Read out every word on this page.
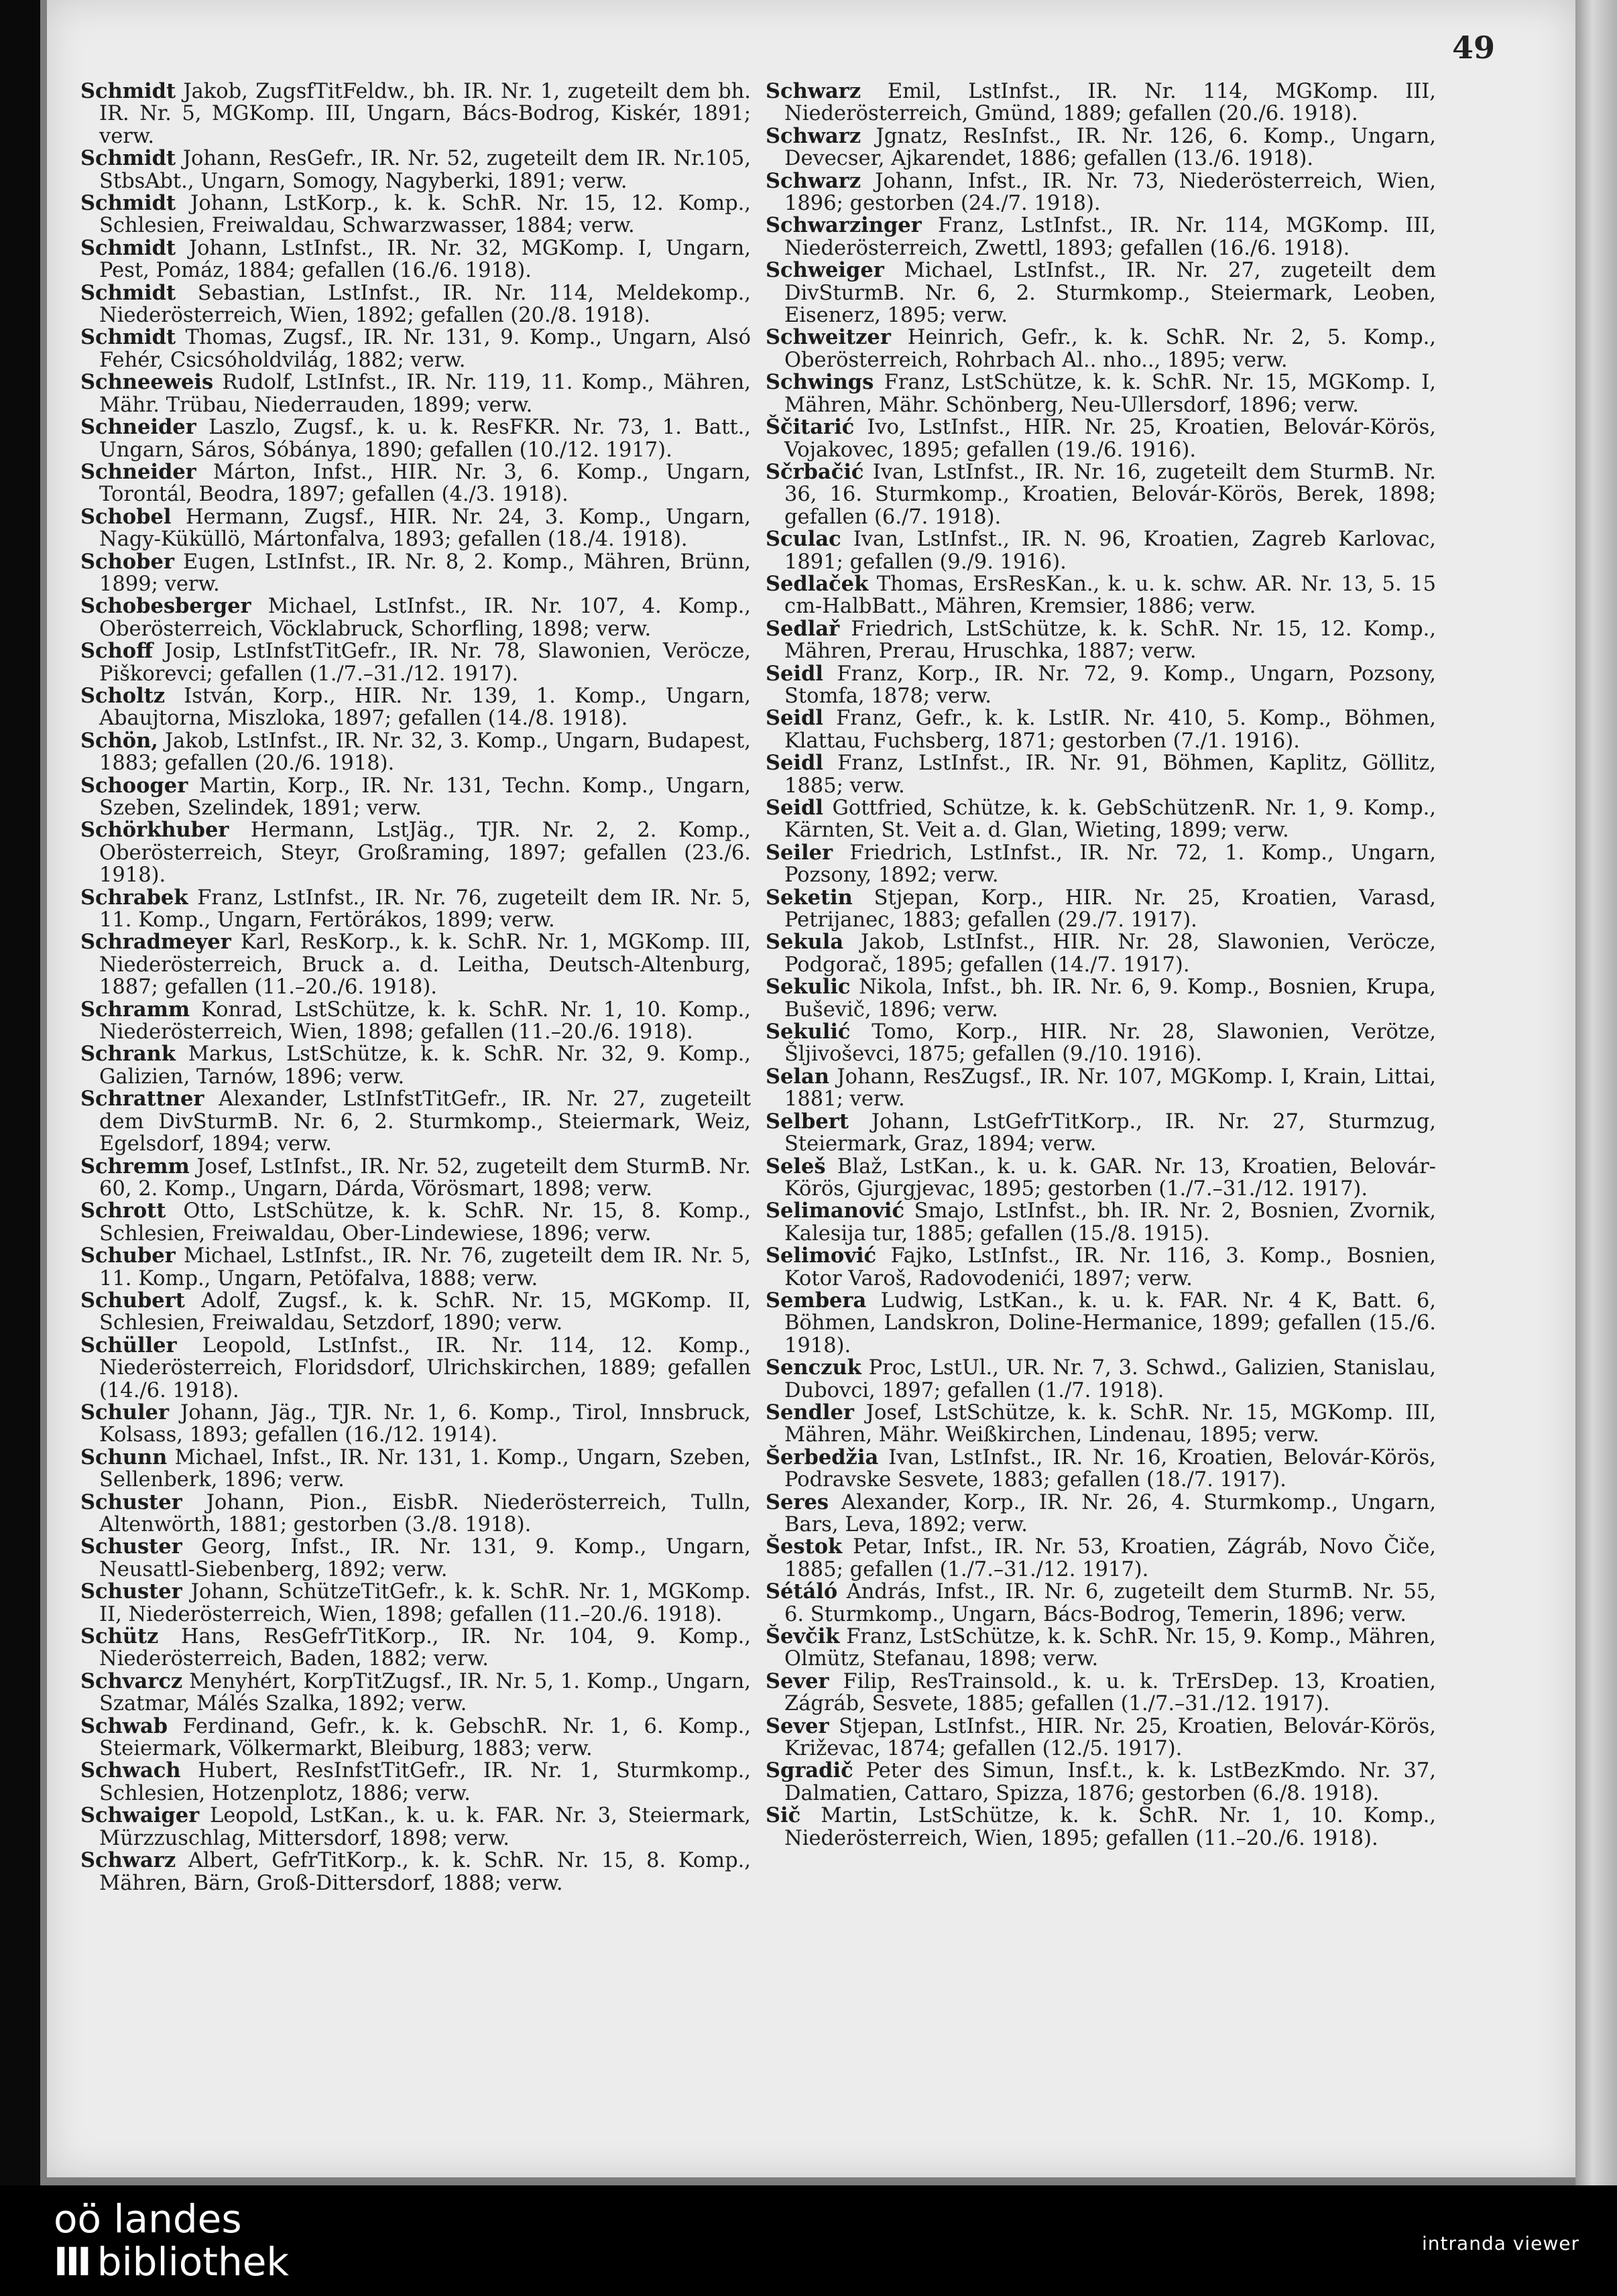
49

Schmidt Jakob, ZugsfTitFeldw., bh. IR. Nr. 1, zugeteilt dem bh. IR. Nr. 5, MGKomp. III, Ungarn, Bács-Bodrog, Kiskér, 1891; verw.

Schmidt Johann, ResGefr., IR. Nr. 52, zugeteilt dem IR. Nr.105, StbsAbt., Ungarn, Somogy, Nagyberki, 1891; verw.

Schmidt Johann, LstKorp., k. k. SchR. Nr. 15, 12. Komp., Schlesien, Freiwaldau, Schwarzwasser, 1884; verw.

Schmidt Johann, LstInfst., IR. Nr. 32, MGKomp. I, Ungarn, Pest, Pomáz, 1884; gefallen (16./6. 1918).

Schmidt Sebastian, LstInfst., IR. Nr. 114, Meldekomp., Niederösterreich, Wien, 1892; gefallen (20./8. 1918).

Schmidt Thomas, Zugsf., IR. Nr. 131, 9. Komp., Ungarn, Alsó Fehér, Csicsóholdvilág, 1882; verw.

Schneeweis Rudolf, LstInfst., IR. Nr. 119, 11. Komp., Mähren, Mähr. Trübau, Niederrauden, 1899; verw.

Schneider Laszlo, Zugsf., k. u. k. ResFKR. Nr. 73, 1. Batt., Ungarn, Sáros, Sóbánya, 1890; gefallen (10./12. 1917).

Schneider Márton, Infst., HIR. Nr. 3, 6. Komp., Ungarn, Torontál, Beodra, 1897; gefallen (4./3. 1918).

Schobel Hermann, Zugsf., HIR. Nr. 24, 3. Komp., Ungarn, Nagy-Küküllö, Mártonfalva, 1893; gefallen (18./4. 1918).

Schober Eugen, LstInfst., IR. Nr. 8, 2. Komp., Mähren, Brünn, 1899; verw.

Schobesberger Michael, LstInfst., IR. Nr. 107, 4. Komp., Oberösterreich, Vöcklabruck, Schorfling, 1898; verw.

Schoff Josip, LstInfstTitGefr., IR. Nr. 78, Slawonien, Veröcze, Piškorevci; gefallen (1./7.–31./12. 1917).

Scholtz István, Korp., HIR. Nr. 139, 1. Komp., Ungarn, Abaujtorna, Miszloka, 1897; gefallen (14./8. 1918).

Schön, Jakob, LstInfst., IR. Nr. 32, 3. Komp., Ungarn, Budapest, 1883; gefallen (20./6. 1918).

Schooger Martin, Korp., IR. Nr. 131, Techn. Komp., Ungarn, Szeben, Szelindek, 1891; verw.

Schörkhuber Hermann, LstJäg., TJR. Nr. 2, 2. Komp., Oberösterreich, Steyr, Großraming, 1897; gefallen (23./6. 1918).

Schrabek Franz, LstInfst., IR. Nr. 76, zugeteilt dem IR. Nr. 5, 11. Komp., Ungarn, Fertörákos, 1899; verw.

Schradmeyer Karl, ResKorp., k. k. SchR. Nr. 1, MGKomp. III, Niederösterreich, Bruck a. d. Leitha, Deutsch-Altenburg, 1887; gefallen (11.–20./6. 1918).

Schramm Konrad, LstSchütze, k. k. SchR. Nr. 1, 10. Komp., Niederösterreich, Wien, 1898; gefallen (11.–20./6. 1918).

Schrank Markus, LstSchütze, k. k. SchR. Nr. 32, 9. Komp., Galizien, Tarnów, 1896; verw.

Schrattner Alexander, LstInfstTitGefr., IR. Nr. 27, zugeteilt dem DivSturmB. Nr. 6, 2. Sturmkomp., Steiermark, Weiz, Egelsdorf, 1894; verw.

Schremm Josef, LstInfst., IR. Nr. 52, zugeteilt dem SturmB. Nr. 60, 2. Komp., Ungarn, Dárda, Vörösmart, 1898; verw.

Schrott Otto, LstSchütze, k. k. SchR. Nr. 15, 8. Komp., Schlesien, Freiwaldau, Ober-Lindewiese, 1896; verw.

Schuber Michael, LstInfst., IR. Nr. 76, zugeteilt dem IR. Nr. 5, 11. Komp., Ungarn, Petöfalva, 1888; verw.

Schubert Adolf, Zugsf., k. k. SchR. Nr. 15, MGKomp. II, Schlesien, Freiwaldau, Setzdorf, 1890; verw.

Schüller Leopold, LstInfst., IR. Nr. 114, 12. Komp., Niederösterreich, Floridsdorf, Ulrichskirchen, 1889; gefallen (14./6. 1918).

Schuler Johann, Jäg., TJR. Nr. 1, 6. Komp., Tirol, Innsbruck, Kolsass, 1893; gefallen (16./12. 1914).

Schunn Michael, Infst., IR. Nr. 131, 1. Komp., Ungarn, Szeben, Sellenberk, 1896; verw.

Schuster Johann, Pion., EisbR. Niederösterreich, Tulln, Altenwörth, 1881; gestorben (3./8. 1918).

Schuster Georg, Infst., IR. Nr. 131, 9. Komp., Ungarn, Neusattl-Siebenberg, 1892; verw.

Schuster Johann, SchützeTitGefr., k. k. SchR. Nr. 1, MGKomp. II, Niederösterreich, Wien, 1898; gefallen (11.–20./6. 1918).

Schütz Hans, ResGefrTitKorp., IR. Nr. 104, 9. Komp., Niederösterreich, Baden, 1882; verw.

Schvarcz Menyhért, KorpTitZugsf., IR. Nr. 5, 1. Komp., Ungarn, Szatmar, Málés Szalka, 1892; verw.

Schwab Ferdinand, Gefr., k. k. GebschR. Nr. 1, 6. Komp., Steiermark, Völkermarkt, Bleiburg, 1883; verw.

Schwach Hubert, ResInfstTitGefr., IR. Nr. 1, Sturmkomp., Schlesien, Hotzenplotz, 1886; verw.

Schwaiger Leopold, LstKan., k. u. k. FAR. Nr. 3, Steiermark, Mürzzuschlag, Mittersdorf, 1898; verw.

Schwarz Albert, GefrTitKorp., k. k. SchR. Nr. 15, 8. Komp., Mähren, Bärn, Groß-Dittersdorf, 1888; verw.

Schwarz Emil, LstInfst., IR. Nr. 114, MGKomp. III, Niederösterreich, Gmünd, 1889; gefallen (20./6. 1918).

Schwarz Jgnatz, ResInfst., IR. Nr. 126, 6. Komp., Ungarn, Devecser, Ajkarendet, 1886; gefallen (13./6. 1918).

Schwarz Johann, Infst., IR. Nr. 73, Niederösterreich, Wien, 1896; gestorben (24./7. 1918).

Schwarzinger Franz, LstInfst., IR. Nr. 114, MGKomp. III, Niederösterreich, Zwettl, 1893; gefallen (16./6. 1918).

Schweiger Michael, LstInfst., IR. Nr. 27, zugeteilt dem DivSturmB. Nr. 6, 2. Sturmkomp., Steiermark, Leoben, Eisenerz, 1895; verw.

Schweitzer Heinrich, Gefr., k. k. SchR. Nr. 2, 5. Komp., Oberösterreich, Rohrbach Al.. nho.., 1895; verw.

Schwings Franz, LstSchütze, k. k. SchR. Nr. 15, MGKomp. I, Mähren, Mähr. Schönberg, Neu-Ullersdorf, 1896; verw.

Ščitarić Ivo, LstInfst., HIR. Nr. 25, Kroatien, Belovár-Körös, Vojakovec, 1895; gefallen (19./6. 1916).

Sčrbačić Ivan, LstInfst., IR. Nr. 16, zugeteilt dem SturmB. Nr. 36, 16. Sturmkomp., Kroatien, Belovár-Körös, Berek, 1898; gefallen (6./7. 1918).

Sculac Ivan, LstInfst., IR. N. 96, Kroatien, Zagreb Karlovac, 1891; gefallen (9./9. 1916).

Sedlaček Thomas, ErsResKan., k. u. k. schw. AR. Nr. 13, 5. 15 cm-HalbBatt., Mähren, Kremsier, 1886; verw.

Sedlař Friedrich, LstSchütze, k. k. SchR. Nr. 15, 12. Komp., Mähren, Prerau, Hruschka, 1887; verw.

Seidl Franz, Korp., IR. Nr. 72, 9. Komp., Ungarn, Pozsony, Stomfa, 1878; verw.

Seidl Franz, Gefr., k. k. LstIR. Nr. 410, 5. Komp., Böhmen, Klattau, Fuchsberg, 1871; gestorben (7./1. 1916).

Seidl Franz, LstInfst., IR. Nr. 91, Böhmen, Kaplitz, Göllitz, 1885; verw.

Seidl Gottfried, Schütze, k. k. GebSchützenR. Nr. 1, 9. Komp., Kärnten, St. Veit a. d. Glan, Wieting, 1899; verw.

Seiler Friedrich, LstInfst., IR. Nr. 72, 1. Komp., Ungarn, Pozsony, 1892; verw.

Seketin Stjepan, Korp., HIR. Nr. 25, Kroatien, Varasd, Petrijanec, 1883; gefallen (29./7. 1917).

Sekula Jakob, LstInfst., HIR. Nr. 28, Slawonien, Veröcze, Podgorač, 1895; gefallen (14./7. 1917).

Sekulic Nikola, Infst., bh. IR. Nr. 6, 9. Komp., Bosnien, Krupa, Buševič, 1896; verw.

Sekulić Tomo, Korp., HIR. Nr. 28, Slawonien, Verötze, Šljivoševci, 1875; gefallen (9./10. 1916).

Selan Johann, ResZugsf., IR. Nr. 107, MGKomp. I, Krain, Littai, 1881; verw.

Selbert Johann, LstGefrTitKorp., IR. Nr. 27, Sturmzug, Steiermark, Graz, 1894; verw.

Seleš Blaž, LstKan., k. u. k. GAR. Nr. 13, Kroatien, Belovár-Körös, Gjurgjevac, 1895; gestorben (1./7.–31./12. 1917).

Selimanović Smajo, LstInfst., bh. IR. Nr. 2, Bosnien, Zvornik, Kalesija tur, 1885; gefallen (15./8. 1915).

Selimović Fajko, LstInfst., IR. Nr. 116, 3. Komp., Bosnien, Kotor Varoš, Radovodenići, 1897; verw.

Sembera Ludwig, LstKan., k. u. k. FAR. Nr. 4 K, Batt. 6, Böhmen, Landskron, Doline-Hermanice, 1899; gefallen (15./6. 1918).

Senczuk Proc, LstUl., UR. Nr. 7, 3. Schwd., Galizien, Stanislau, Dubovci, 1897; gefallen (1./7. 1918).

Sendler Josef, LstSchütze, k. k. SchR. Nr. 15, MGKomp. III, Mähren, Mähr. Weißkirchen, Lindenau, 1895; verw.

Šerbedžia Ivan, LstInfst., IR. Nr. 16, Kroatien, Belovár-Körös, Podravske Sesvete, 1883; gefallen (18./7. 1917).

Seres Alexander, Korp., IR. Nr. 26, 4. Sturmkomp., Ungarn, Bars, Leva, 1892; verw.

Šestok Petar, Infst., IR. Nr. 53, Kroatien, Zágráb, Novo Čiče, 1885; gefallen (1./7.–31./12. 1917).

Sétáló András, Infst., IR. Nr. 6, zugeteilt dem SturmB. Nr. 55, 6. Sturmkomp., Ungarn, Bács-Bodrog, Temerin, 1896; verw.

Ševčik Franz, LstSchütze, k. k. SchR. Nr. 15, 9. Komp., Mähren, Olmütz, Stefanau, 1898; verw.

Sever Filip, ResTrainsold., k. u. k. TrErsDep. 13, Kroatien, Zágráb, Sesvete, 1885; gefallen (1./7.–31./12. 1917).

Sever Stjepan, LstInfst., HIR. Nr. 25, Kroatien, Belovár-Körös, Križevac, 1874; gefallen (12./5. 1917).

Sgradič Peter des Simun, Insf.t., k. k. LstBezKmdo. Nr. 37, Dalmatien, Cattaro, Spizza, 1876; gestorben (6./8. 1918).

Sič Martin, LstSchütze, k. k. SchR. Nr. 1, 10. Komp., Niederösterreich, Wien, 1895; gefallen (11.–20./6. 1918).

oö landes
III bibliothek	intranda viewer
